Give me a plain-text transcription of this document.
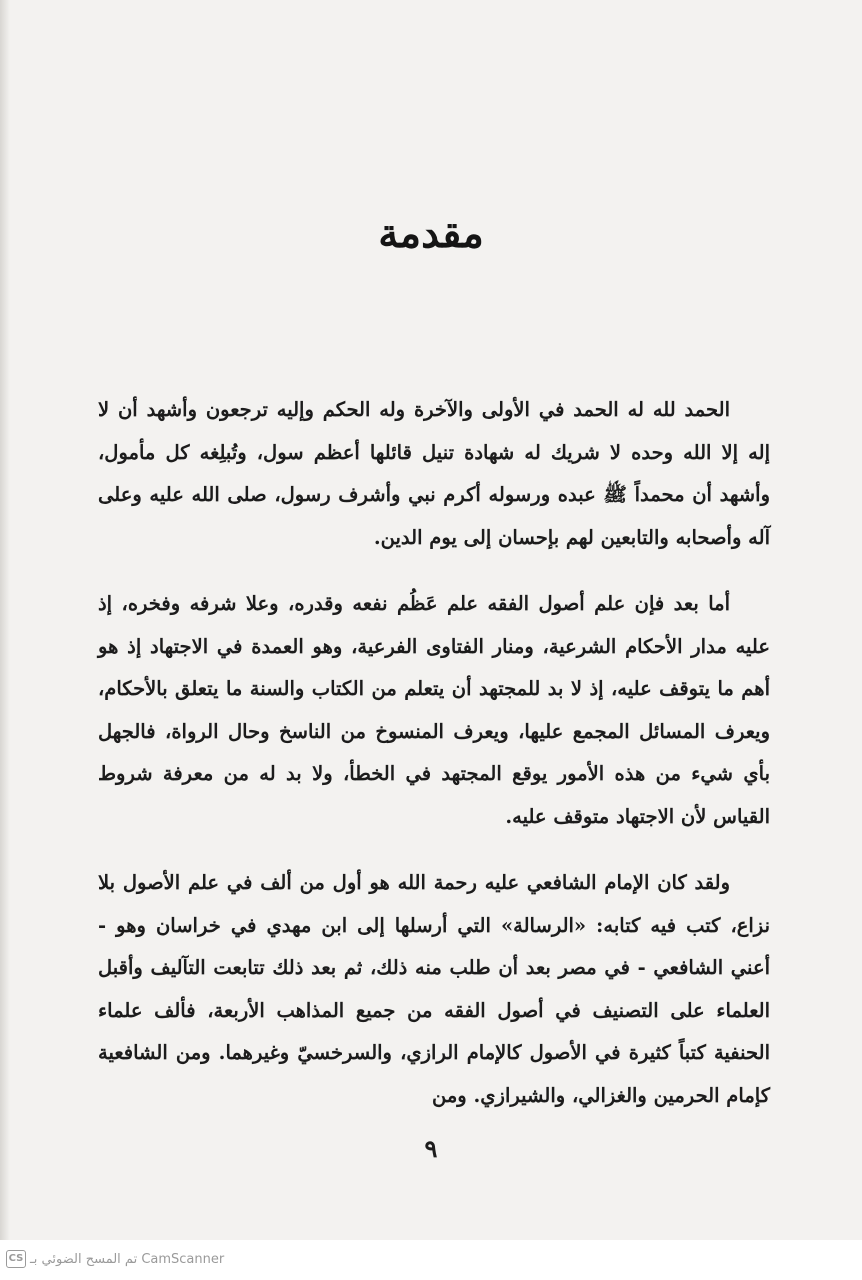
مقدمة

الحمد لله له الحمد في الأولى والآخرة وله الحكم وإليه ترجعون وأشهد أن لا إله إلا الله وحده لا شريك له شهادة تنيل قائلها أعظم سول، وتُبلِغه كل مأمول، وأشهد أن محمداً ﷺ عبده ورسوله أكرم نبي وأشرف رسول، صلى الله عليه وعلى آله وأصحابه والتابعين لهم بإحسان إلى يوم الدين.

أما بعد فإن علم أصول الفقه علم عَظُم نفعه وقدره، وعلا شرفه وفخره، إذ عليه مدار الأحكام الشرعية، ومنار الفتاوى الفرعية، وهو العمدة في الاجتهاد إذ هو أهم ما يتوقف عليه، إذ لا بد للمجتهد أن يتعلم من الكتاب والسنة ما يتعلق بالأحكام، ويعرف المسائل المجمع عليها، ويعرف المنسوخ من الناسخ وحال الرواة، فالجهل بأي شيء من هذه الأمور يوقع المجتهد في الخطأ، ولا بد له من معرفة شروط القياس لأن الاجتهاد متوقف عليه.

ولقد كان الإمام الشافعي عليه رحمة الله هو أول من ألف في علم الأصول بلا نزاع، كتب فيه كتابه: «الرسالة» التي أرسلها إلى ابن مهدي في خراسان وهو - أعني الشافعي - في مصر بعد أن طلب منه ذلك، ثم بعد ذلك تتابعت التآليف وأقبل العلماء على التصنيف في أصول الفقه من جميع المذاهب الأربعة، فألف علماء الحنفية كتباً كثيرة في الأصول كالإمام الرازي، والسرخسيّ وغيرهما. ومن الشافعية كإمام الحرمين والغزالي، والشيرازي. ومن

٩
CS تم المسح الضوئي بـ CamScanner
